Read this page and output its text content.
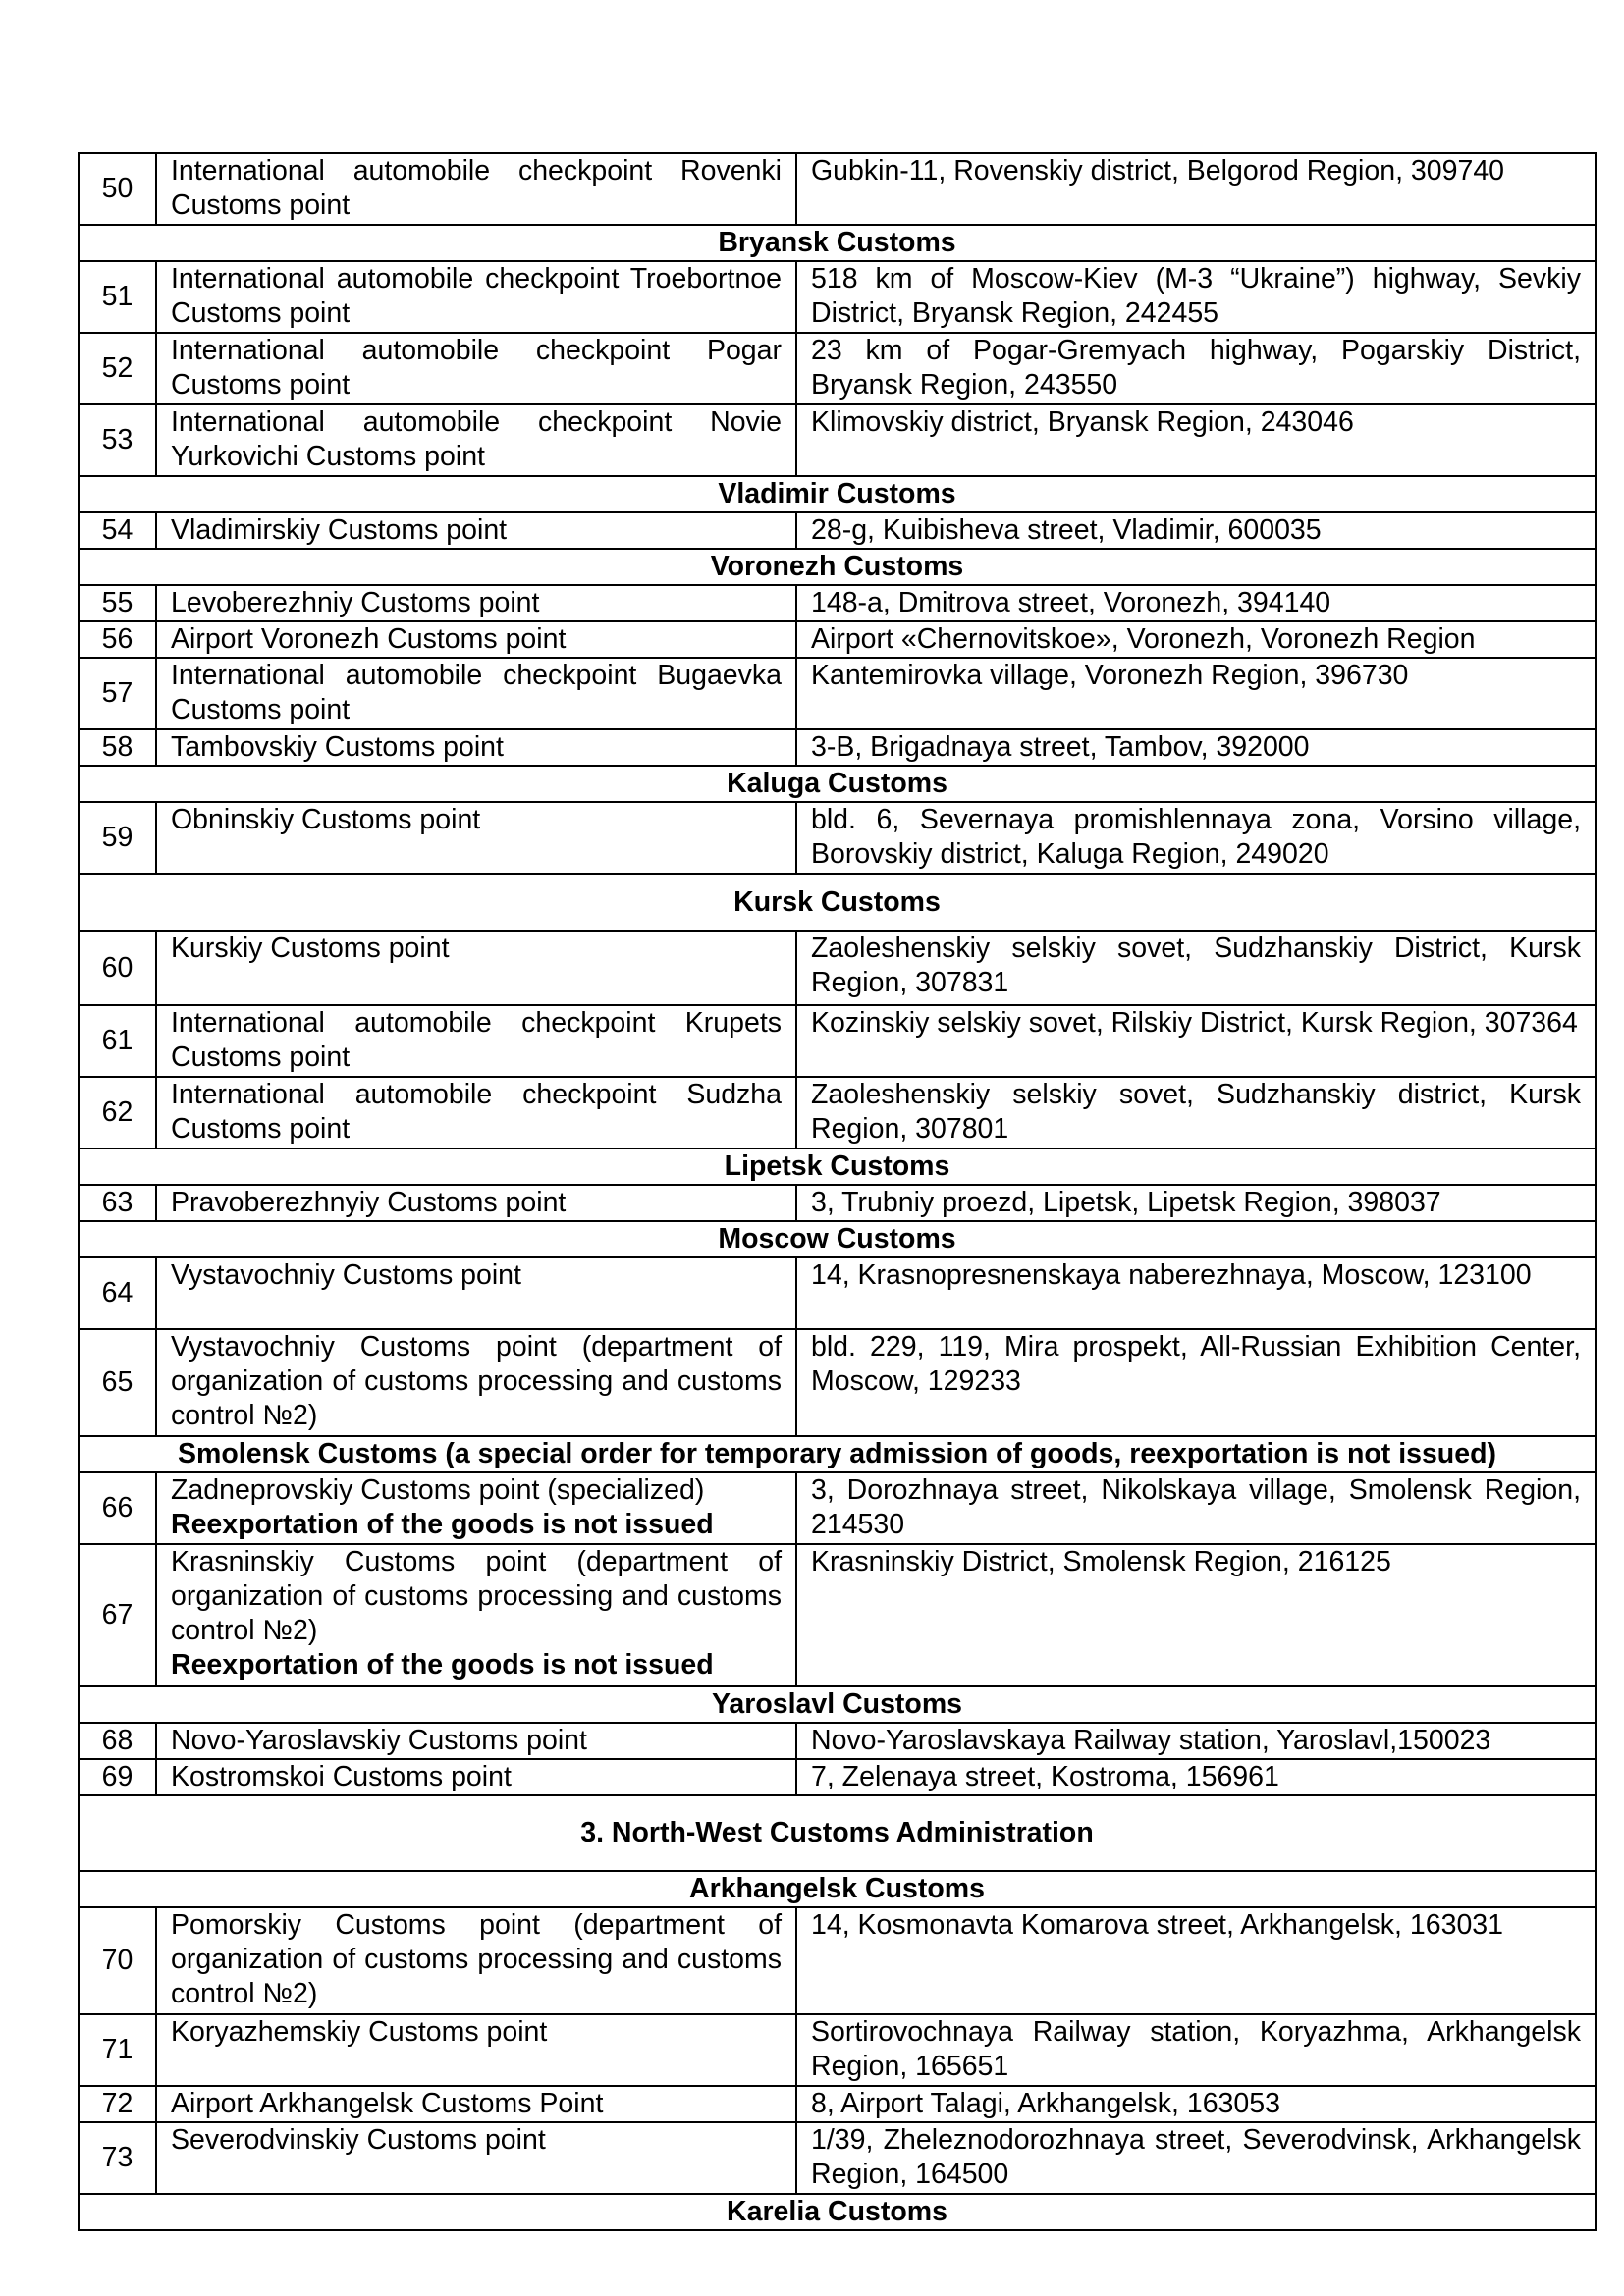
50	International automobile checkpoint Rovenki Customs point	Gubkin-11, Rovenskiy district, Belgorod Region, 309740
Bryansk Customs		
51	International automobile checkpoint Troebortnoe Customs point	518 km of Moscow-Kiev (M-3 “Ukraine”) highway, Sevkiy District, Bryansk Region, 242455
52	International automobile checkpoint Pogar Customs point	23 km of Pogar-Gremyach highway, Pogarskiy District, Bryansk Region, 243550
53	International automobile checkpoint Novie Yurkovichi Customs point	Klimovskiy district, Bryansk Region, 243046
Vladimir Customs		
54	Vladimirskiy Customs point	28-g, Kuibisheva street, Vladimir, 600035
Voronezh Customs		
55	Levoberezhniy Customs point	148-a, Dmitrova street, Voronezh, 394140
56	Airport Voronezh Customs point	Airport «Chernovitskoe», Voronezh, Voronezh Region
57	International automobile checkpoint Bugaevka Customs point	Kantemirovka village, Voronezh Region, 396730
58	Tambovskiy Customs point	3-B, Brigadnaya street, Tambov, 392000
Kaluga Customs		
59	Obninskiy Customs point	bld. 6, Severnaya promishlennaya zona, Vorsino village, Borovskiy district, Kaluga Region, 249020
Kursk Customs		
60	Kurskiy Customs point	Zaoleshenskiy selskiy sovet, Sudzhanskiy District, Kursk Region, 307831
61	International automobile checkpoint Krupets Customs point	Kozinskiy selskiy sovet, Rilskiy District, Kursk Region, 307364
62	International automobile checkpoint Sudzha Customs point	Zaoleshenskiy selskiy sovet, Sudzhanskiy district, Kursk Region, 307801
Lipetsk Customs		
63	Pravoberezhnyiy Customs point	3, Trubniy proezd, Lipetsk, Lipetsk Region, 398037
Moscow Customs		
64	Vystavochniy Customs point	14, Krasnopresnenskaya naberezhnaya, Moscow, 123100
65	Vystavochniy Customs point (department of organization of customs processing and customs control №2)	bld. 229, 119, Mira prospekt, All-Russian Exhibition Center, Moscow, 129233
Smolensk Customs (a special order for temporary admission of goods, reexportation is not issued)		
66	Zadneprovskiy Customs point (specialized)
Reexportation of the goods is not issued	3, Dorozhnaya street, Nikolskaya village, Smolensk Region, 214530
67	Krasninskiy Customs point (department of organization of customs processing and customs control №2)
Reexportation of the goods is not issued	Krasninskiy District, Smolensk Region, 216125
Yaroslavl Customs		
68	Novo-Yaroslavskiy Customs point	Novo-Yaroslavskaya Railway station, Yaroslavl,150023
69	Kostromskoi Customs point	7, Zelenaya street, Kostroma, 156961
3. North-West Customs Administration		
Arkhangelsk Customs		
70	Pomorskiy Customs point (department of organization of customs processing and customs control №2)	14, Kosmonavta Komarova street, Arkhangelsk, 163031
71	Koryazhemskiy Customs point	Sortirovochnaya Railway station, Koryazhma, Arkhangelsk Region, 165651
72	Airport Arkhangelsk Customs Point	8, Airport Talagi, Arkhangelsk, 163053
73	Severodvinskiy Customs point	1/39, Zheleznodorozhnaya street, Severodvinsk, Arkhangelsk Region, 164500
Karelia Customs		
